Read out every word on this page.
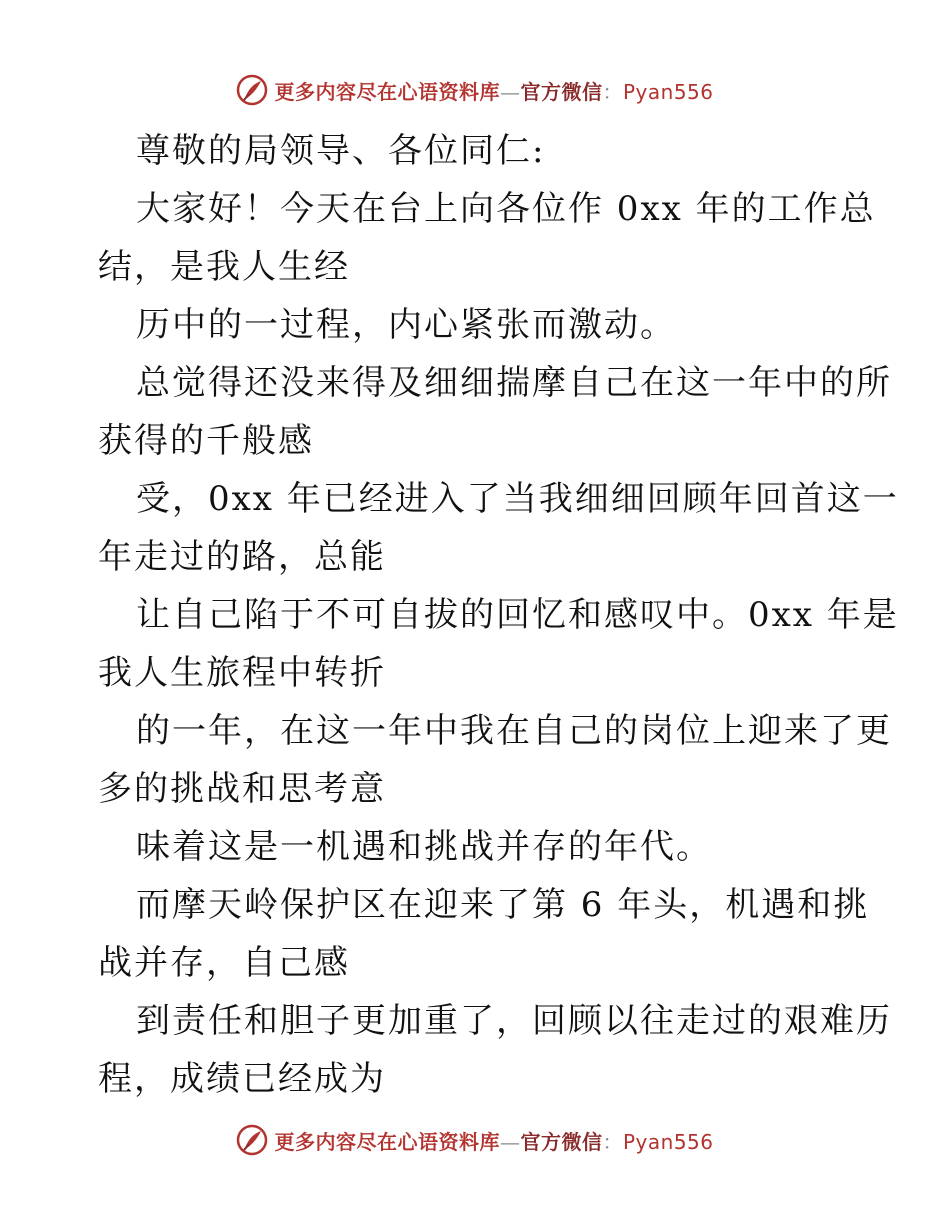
更多内容尽在心语资料库—官方微信：Pyan556
尊敬的局领导、各位同仁:
大家好！今天在台上向各位作 0xx 年的工作总
结，是我人生经
历中的一过程，内心紧张而激动。
总觉得还没来得及细细揣摩自己在这一年中的所
获得的千般感
受，0xx 年已经进入了当我细细回顾年回首这一
年走过的路，总能
让自己陷于不可自拔的回忆和感叹中。0xx 年是
我人生旅程中转折
的一年，在这一年中我在自己的岗位上迎来了更
多的挑战和思考意
味着这是一机遇和挑战并存的年代。
而摩天岭保护区在迎来了第 6 年头，机遇和挑
战并存，自己感
到责任和胆子更加重了，回顾以往走过的艰难历
程，成绩已经成为
更多内容尽在心语资料库—官方微信：Pyan556
